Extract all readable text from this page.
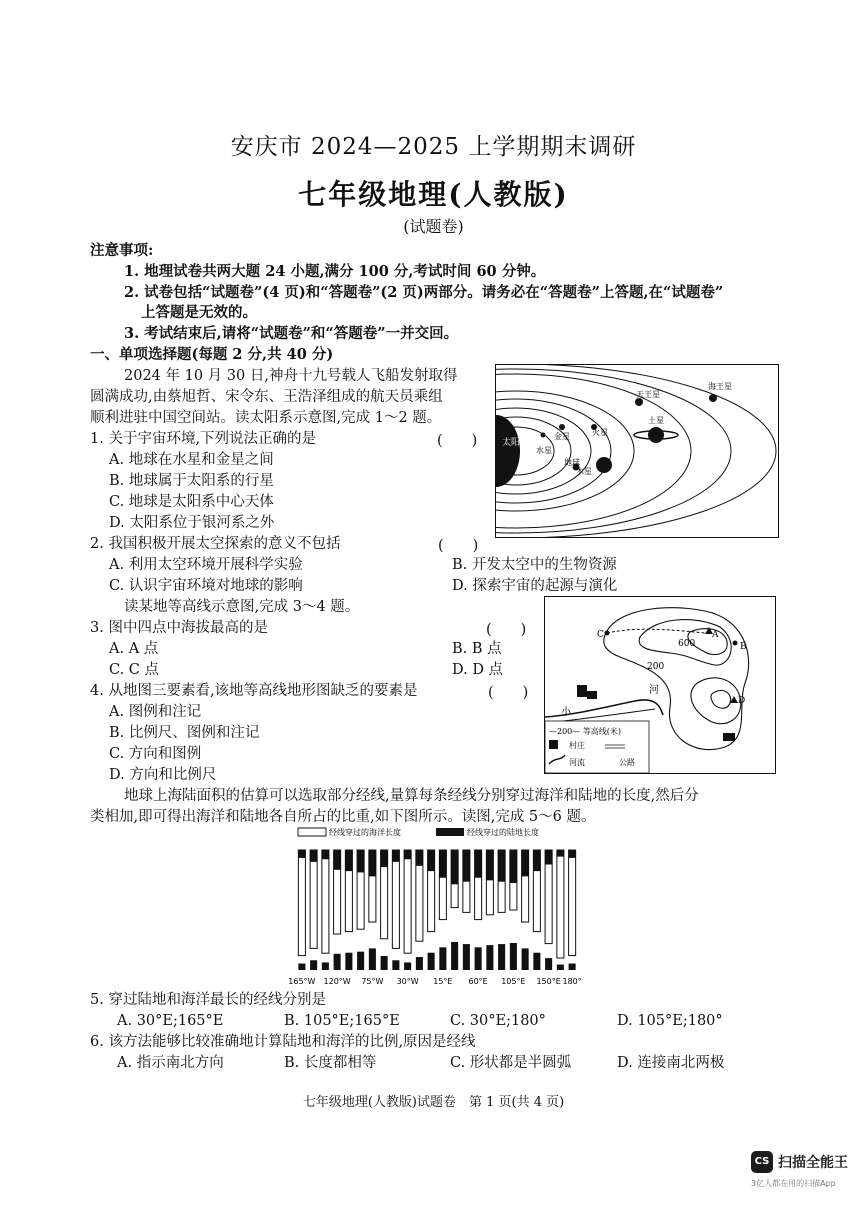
安庆市 2024—2025 上学期期末调研
七年级地理(人教版)
(试题卷)
注意事项:
1. 地理试卷共两大题 24 小题,满分 100 分,考试时间 60 分钟。
2. 试卷包括“试题卷”(4 页)和“答题卷”(2 页)两部分。请务必在“答题卷”上答题,在“试题卷”
上答题是无效的。
3. 考试结束后,请将“试题卷”和“答题卷”一并交回。
一、单项选择题(每题 2 分,共 40 分)
2024 年 10 月 30 日,神舟十九号载人飞船发射取得
圆满成功,由蔡旭哲、宋令东、王浩泽组成的航天员乘组
顺利进驻中国空间站。读太阳系示意图,完成 1～2 题。
太阳
水星
金星
地球
火星
木星
土星
天王星
海王星
1. 关于宇宙环境,下列说法正确的是	(　　)
A. 地球在水星和金星之间
B. 地球属于太阳系的行星
C. 地球是太阳系中心天体
D. 太阳系位于银河系之外
2. 我国积极开展太空探索的意义不包括	(　　)
A. 利用太空环境开展科学实验	B. 开发太空中的生物资源
C. 认识宇宙环境对地球的影响	D. 探索宇宙的起源与演化
读某地等高线示意图,完成 3～4 题。
A
B
C
D
600
200
河
小
—200— 等高线(米)
村庄
河流	公路
3. 图中四点中海拔最高的是	(　　)
A. A 点	B. B 点
C. C 点	D. D 点
4. 从地图三要素看,该地等高线地形图缺乏的要素是	(　　)
A. 图例和注记
B. 比例尺、图例和注记
C. 方向和图例
D. 方向和比例尺
地球上海陆面积的估算可以选取部分经线,量算每条经线分别穿过海洋和陆地的长度,然后分
类相加,即可得出海洋和陆地各自所占的比重,如下图所示。读图,完成 5～6 题。
经线穿过的海洋长度	经线穿过的陆地长度
165°W 120°W 75°W 30°W 15°E 60°E 105°E 150°E 180°
5. 穿过陆地和海洋最长的经线分别是
A. 30°E;165°E	B. 105°E;165°E	C. 30°E;180°	D. 105°E;180°
6. 该方法能够比较准确地计算陆地和海洋的比例,原因是经线
A. 指示南北方向	B. 长度都相等	C. 形状都是半圆弧	D. 连接南北两极
七年级地理(人教版)试题卷　第 1 页(共 4 页)
CS 扫描全能王
3亿人都在用的扫描App
